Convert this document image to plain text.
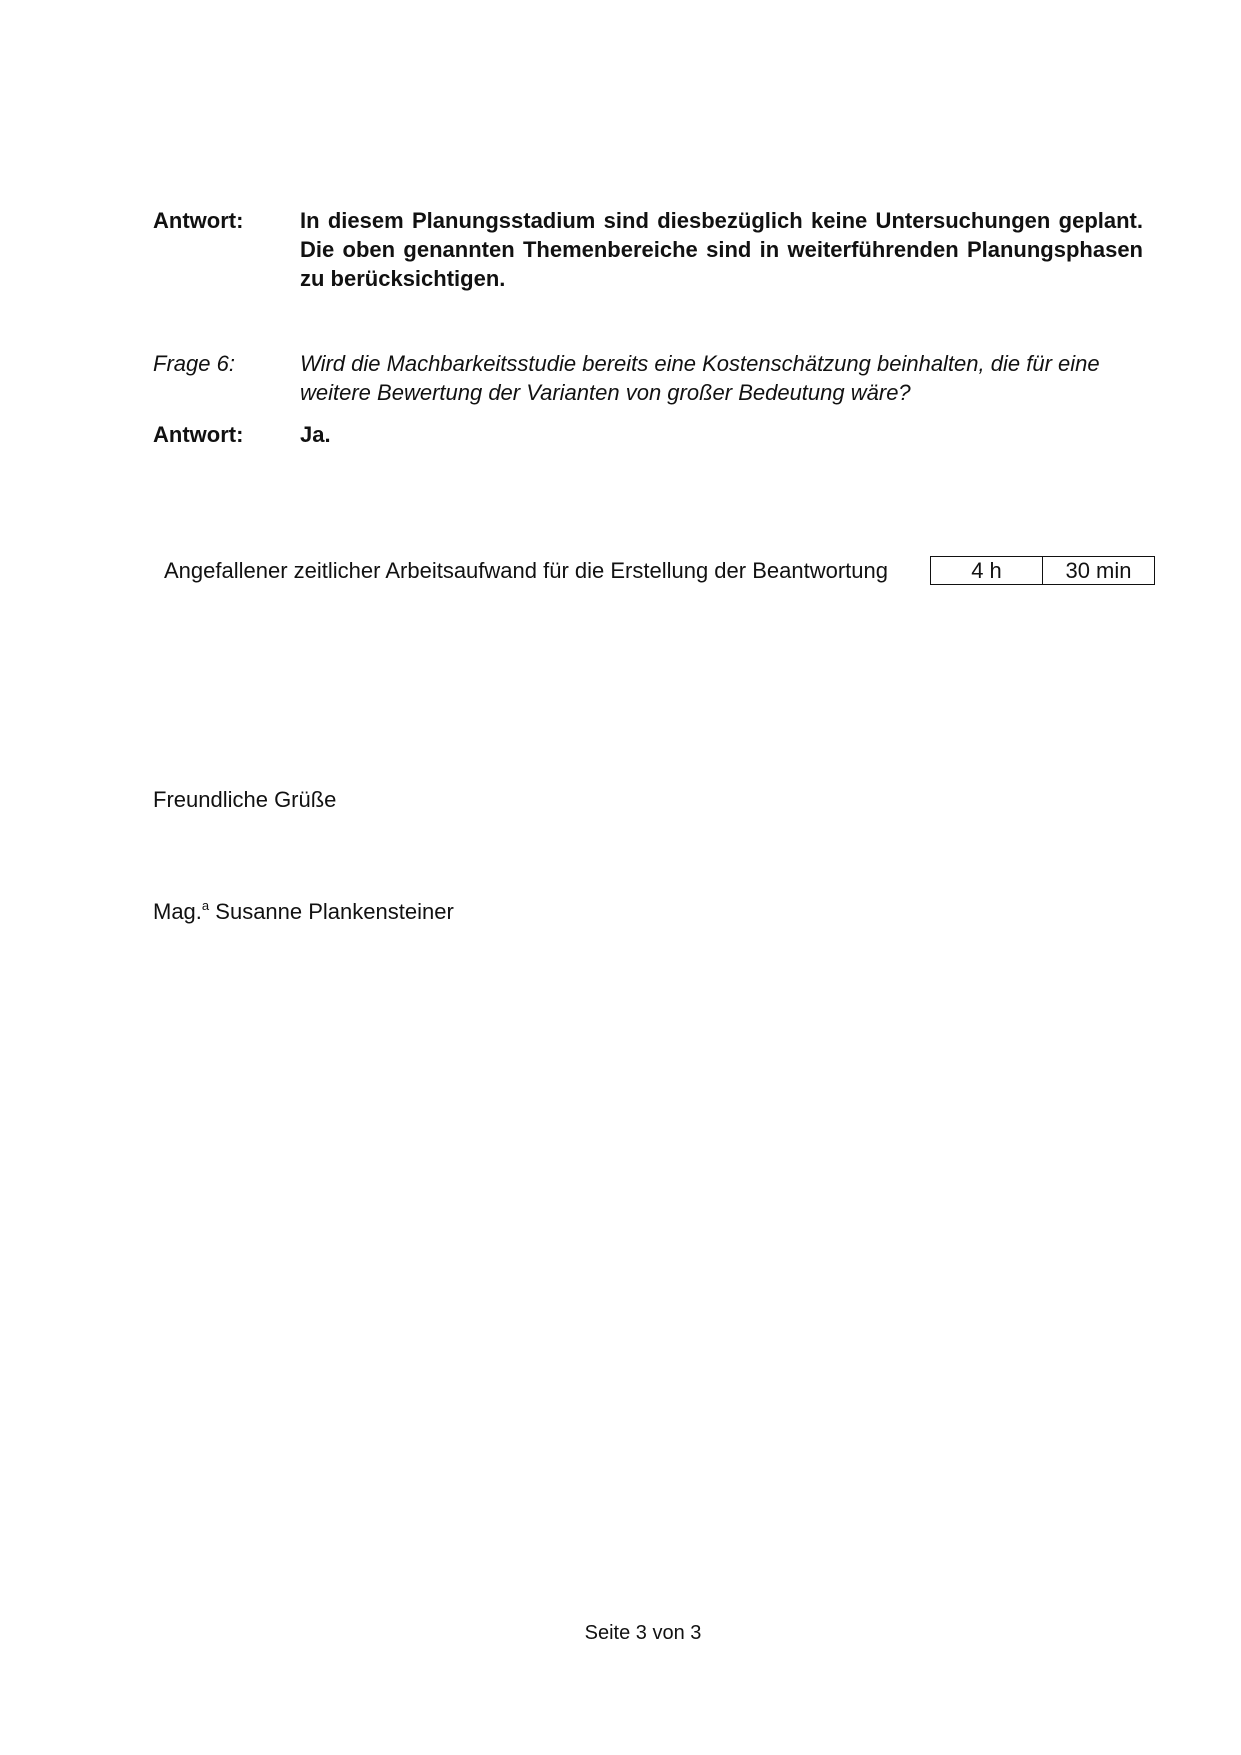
Antwort:	In diesem Planungsstadium sind diesbezüglich keine Untersuchungen geplant. Die oben genannten Themenbereiche sind in weiterführenden Planungsphasen zu berücksichtigen.
Frage 6:	Wird die Machbarkeitsstudie bereits eine Kostenschätzung beinhalten, die für eine weitere Bewertung der Varianten von großer Bedeutung wäre?
Antwort:	Ja.
Angefallener zeitlicher Arbeitsaufwand für die Erstellung der Beantwortung	4 h	30 min
Freundliche Grüße
Mag.$^a$ Susanne Plankensteiner
Seite 3 von 3
